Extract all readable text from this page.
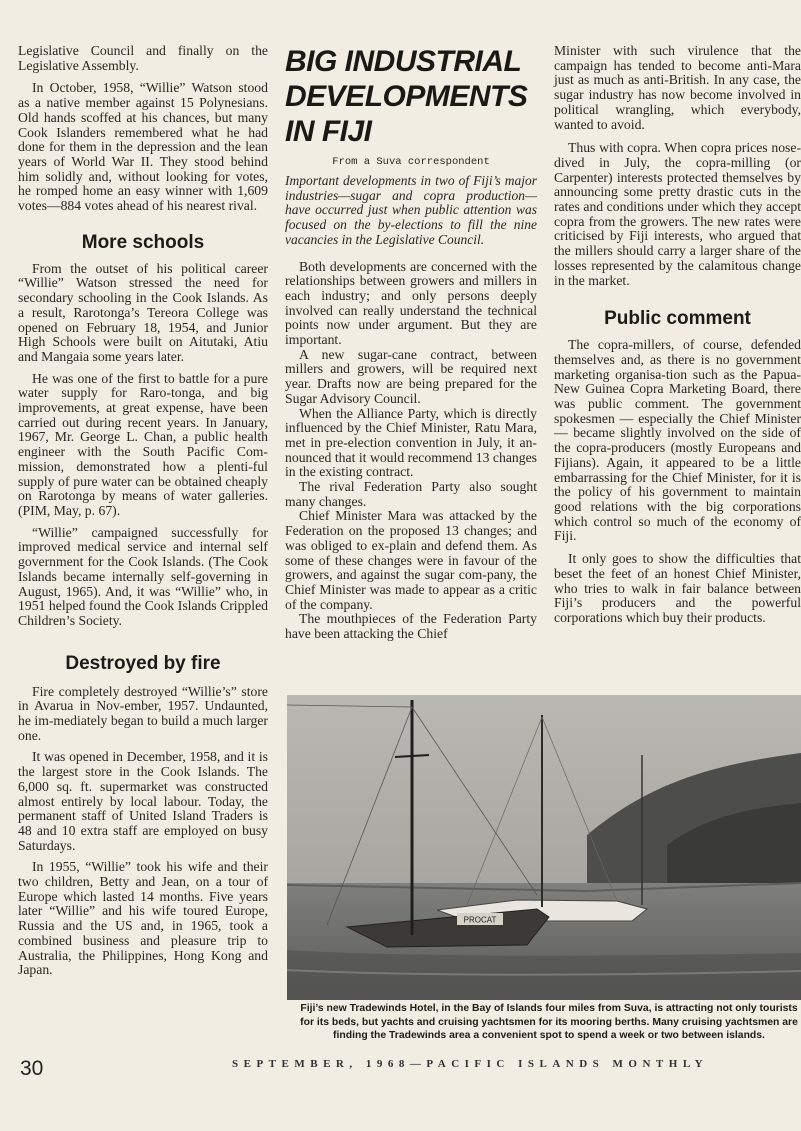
Legislative Council and finally on the Legislative Assembly.

In October, 1958, “Willie” Watson stood as a native member against 15 Polynesians. Old hands scoffed at his chances, but many Cook Islanders remembered what he had done for them in the depression and the lean years of World War II. They stood behind him solidly and, without looking for votes, he romped home an easy winner with 1,609 votes—884 votes ahead of his nearest rival.

More schools

From the outset of his political career “Willie” Watson stressed the need for secondary schooling in the Cook Islands. As a result, Rarotonga’s Tereora College was opened on February 18, 1954, and Junior High Schools were built on Aitutaki, Atiu and Mangaia some years later.

He was one of the first to battle for a pure water supply for Raro-tonga, and big improvements, at great expense, have been carried out during recent years. In January, 1967, Mr. George L. Chan, a public health engineer with the South Pacific Com-mission, demonstrated how a plenti-ful supply of pure water can be obtained cheaply on Rarotonga by means of water galleries. (PIM, May, p. 67).

“Willie” campaigned successfully for improved medical service and internal self government for the Cook Islands. (The Cook Islands became internally self-governing in August, 1965). And, it was “Willie” who, in 1951 helped found the Cook Islands Crippled Children’s Society.

Destroyed by fire

Fire completely destroyed “Willie’s” store in Avarua in Nov-ember, 1957. Undaunted, he im-mediately began to build a much larger one.

It was opened in December, 1958, and it is the largest store in the Cook Islands. The 6,000 sq. ft. supermarket was constructed almost entirely by local labour. Today, the permanent staff of United Island Traders is 48 and 10 extra staff are employed on busy Saturdays.

In 1955, “Willie” took his wife and their two children, Betty and Jean, on a tour of Europe which lasted 14 months. Five years later “Willie” and his wife toured Europe, Russia and the US and, in 1965, took a combined business and pleasure trip to Australia, the Philippines, Hong Kong and Japan.

BIG INDUSTRIAL
DEVELOPMENTS
IN FIJI

From a Suva correspondent

Important developments in two of Fiji’s major industries—sugar and copra production—have occurred just when public attention was focused on the by-elections to fill the nine vacancies in the Legislative Council.

Both developments are concerned with the relationships between growers and millers in each industry; and only persons deeply involved can really understand the technical points now under argument. But they are important.

A new sugar-cane contract, between millers and growers, will be required next year. Drafts now are being prepared for the Sugar Advisory Council.

When the Alliance Party, which is directly influenced by the Chief Minister, Ratu Mara, met in pre-election convention in July, it an-nounced that it would recommend 13 changes in the existing contract.

The rival Federation Party also sought many changes.

Chief Minister Mara was attacked by the Federation on the proposed 13 changes; and was obliged to ex-plain and defend them. As some of these changes were in favour of the growers, and against the sugar com-pany, the Chief Minister was made to appear as a critic of the company.

The mouthpieces of the Federation Party have been attacking the Chief

Minister with such virulence that the campaign has tended to become anti-Mara just as much as anti-British. In any case, the sugar industry has now become involved in political wrangling, which everybody, wanted to avoid.

Thus with copra. When copra prices nose-dived in July, the copra-milling (or Carpenter) interests protected themselves by announcing some pretty drastic cuts in the rates and conditions under which they accept copra from the growers. The new rates were criticised by Fiji interests, who argued that the millers should carry a larger share of the losses represented by the calamitous change in the market.

Public comment

The copra-millers, of course, defended themselves and, as there is no government marketing organisa-tion such as the Papua-New Guinea Copra Marketing Board, there was public comment. The government spokesmen — especially the Chief Minister — became slightly involved on the side of the copra-producers (mostly Europeans and Fijians). Again, it appeared to be a little embarrassing for the Chief Minister, for it is the policy of his government to maintain good relations with the big corporations which control so much of the economy of Fiji.

It only goes to show the difficulties that beset the feet of an honest Chief Minister, who tries to walk in fair balance between Fiji’s producers and the powerful corporations which buy their products.

PROCAT

Fiji’s new Tradewinds Hotel, in the Bay of Islands four miles from Suva, is attracting not only tourists for its beds, but yachts and cruising yachtsmen for its mooring berths. Many cruising yachtsmen are finding the Tradewinds area a convenient spot to spend a week or two between islands.

30	SEPTEMBER, 1968—PACIFIC ISLANDS MONTHLY
